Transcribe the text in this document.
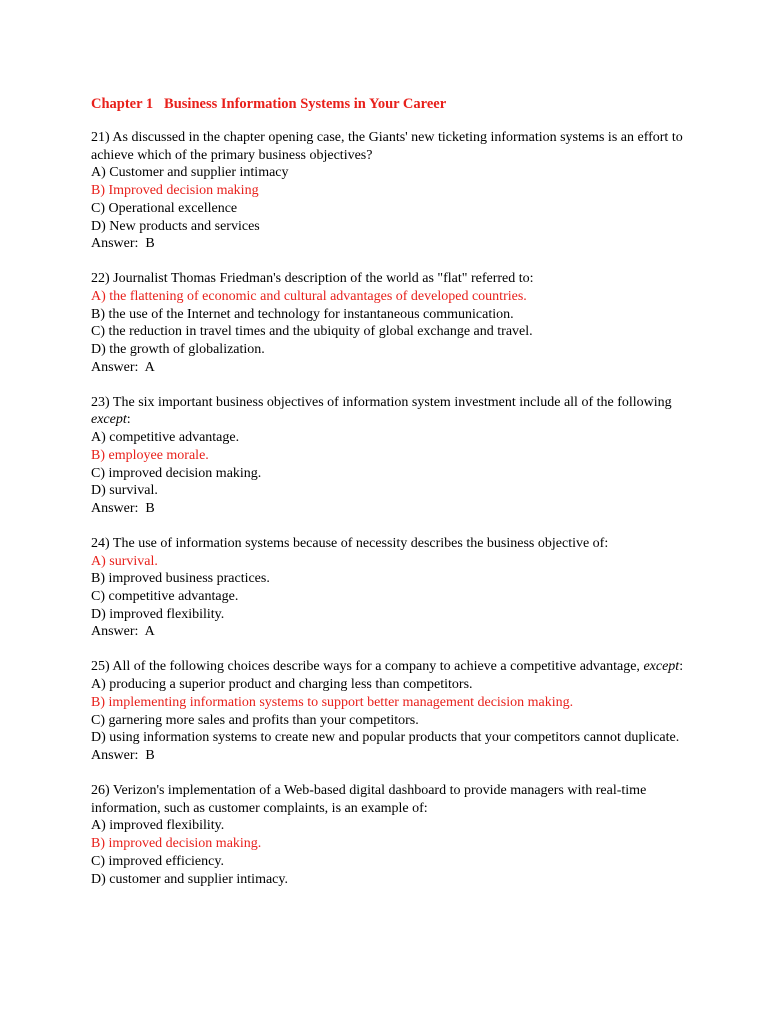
Chapter 1   Business Information Systems in Your Career
21) As discussed in the chapter opening case, the Giants' new ticketing information systems is an effort to achieve which of the primary business objectives?
A) Customer and supplier intimacy
B) Improved decision making
C) Operational excellence
D) New products and services
Answer:  B
22) Journalist Thomas Friedman's description of the world as "flat" referred to:
A) the flattening of economic and cultural advantages of developed countries.
B) the use of the Internet and technology for instantaneous communication.
C) the reduction in travel times and the ubiquity of global exchange and travel.
D) the growth of globalization.
Answer:  A
23) The six important business objectives of information system investment include all of the following except:
A) competitive advantage.
B) employee morale.
C) improved decision making.
D) survival.
Answer:  B
24) The use of information systems because of necessity describes the business objective of:
A) survival.
B) improved business practices.
C) competitive advantage.
D) improved flexibility.
Answer:  A
25) All of the following choices describe ways for a company to achieve a competitive advantage, except:
A) producing a superior product and charging less than competitors.
B) implementing information systems to support better management decision making.
C) garnering more sales and profits than your competitors.
D) using information systems to create new and popular products that your competitors cannot duplicate.
Answer:  B
26) Verizon's implementation of a Web-based digital dashboard to provide managers with real-time information, such as customer complaints, is an example of:
A) improved flexibility.
B) improved decision making.
C) improved efficiency.
D) customer and supplier intimacy.
